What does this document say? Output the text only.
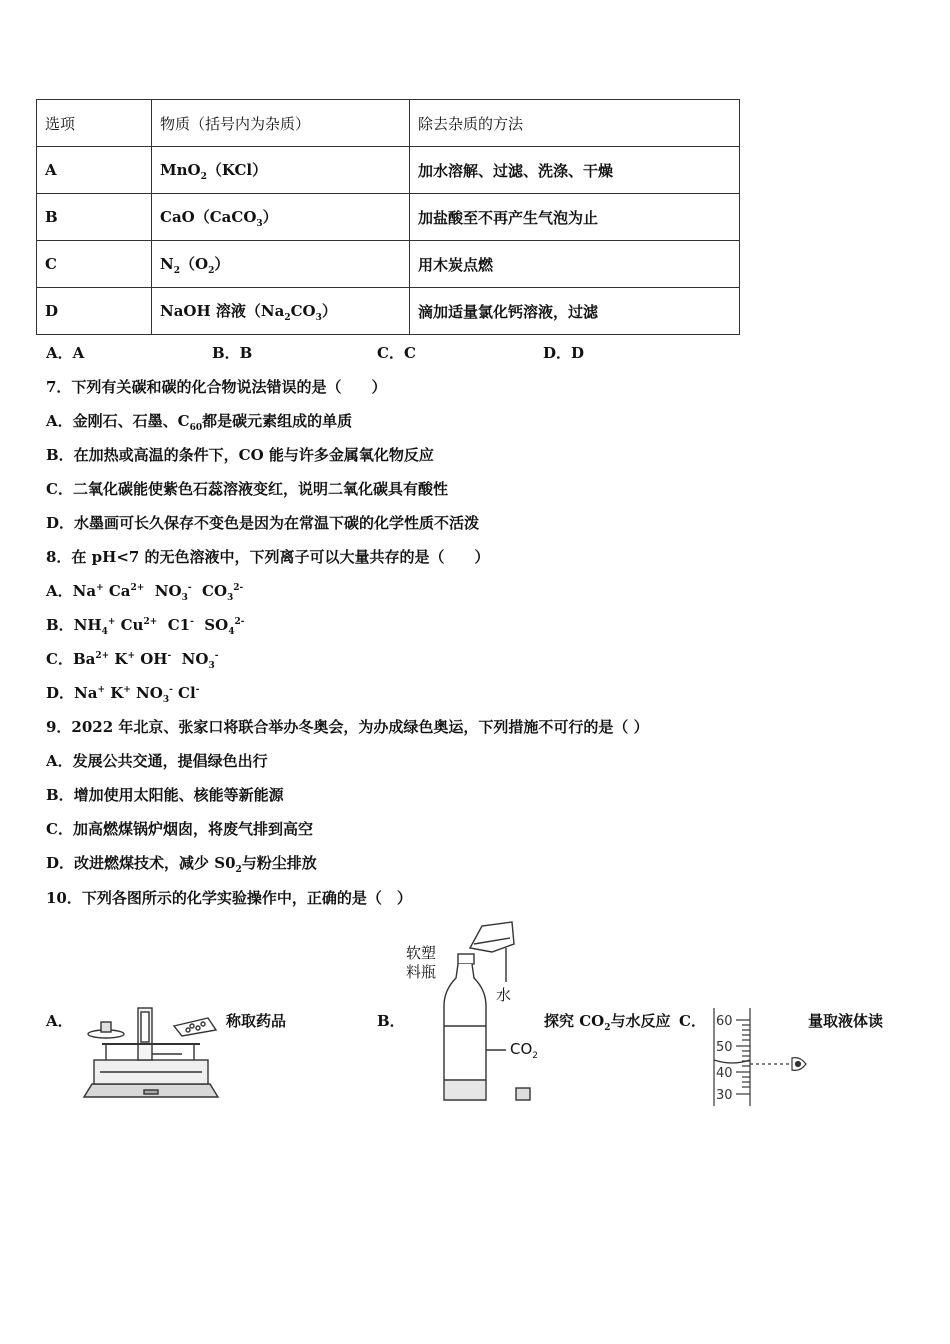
选项	物质（括号内为杂质）	除去杂质的方法
A	MnO$_2$（KCl）	加水溶解、过滤、洗涤、干燥
B	CaO（CaCO$_3$）	加盐酸至不再产生气泡为止
C	$N_2(O_2)$	用木炭点燃
D	NaOH 溶液$(Na_2CO_3)$	滴加适量氯化钙溶液，过滤
A．A	B．B	C．C	D．D
7．下列有关碳和碳的化合物说法错误的是（　　）
A．金刚石、石墨、$C_{60}$都是碳元素组成的单质
B．在加热或高温的条件下，CO 能与许多金属氧化物反应
C．二氧化碳能使紫色石蕊溶液变红，说明二氧化碳具有酸性
D．水墨画可长久保存不变色是因为在常温下碳的化学性质不活泼
8．在 pH<7 的无色溶液中，下列离子可以大量共存的是（　　）
A．Na+ $Ca^{2+}$  $NO_3^-$  $CO_3^{2-}$
B．$NH_4^+$ $Cu^{2+}$  C1-  $SO_4^{2-}$
C．$Ba^{2+}$ K+ OH-  $NO_3^-$
D．Na+ K+ $NO_3^-$ Cl-
9．2022 年北京、张家口将联合举办冬奥会，为办成绿色奥运，下列措施不可行的是（ ）
A．发展公共交通，提倡绿色出行
B．增加使用太阳能、核能等新能源
C．加高燃煤锅炉烟囱，将废气排到高空
D．改进燃煤技术，减少 $S0_2$与粉尘排放
10．下列各图所示的化学实验操作中，正确的是（　）
A．	称取药品	B．
软塑
料瓶
水
$CO_2$
探究 $CO_2$与水反应 C． 60
50
40
30
量取液体读
